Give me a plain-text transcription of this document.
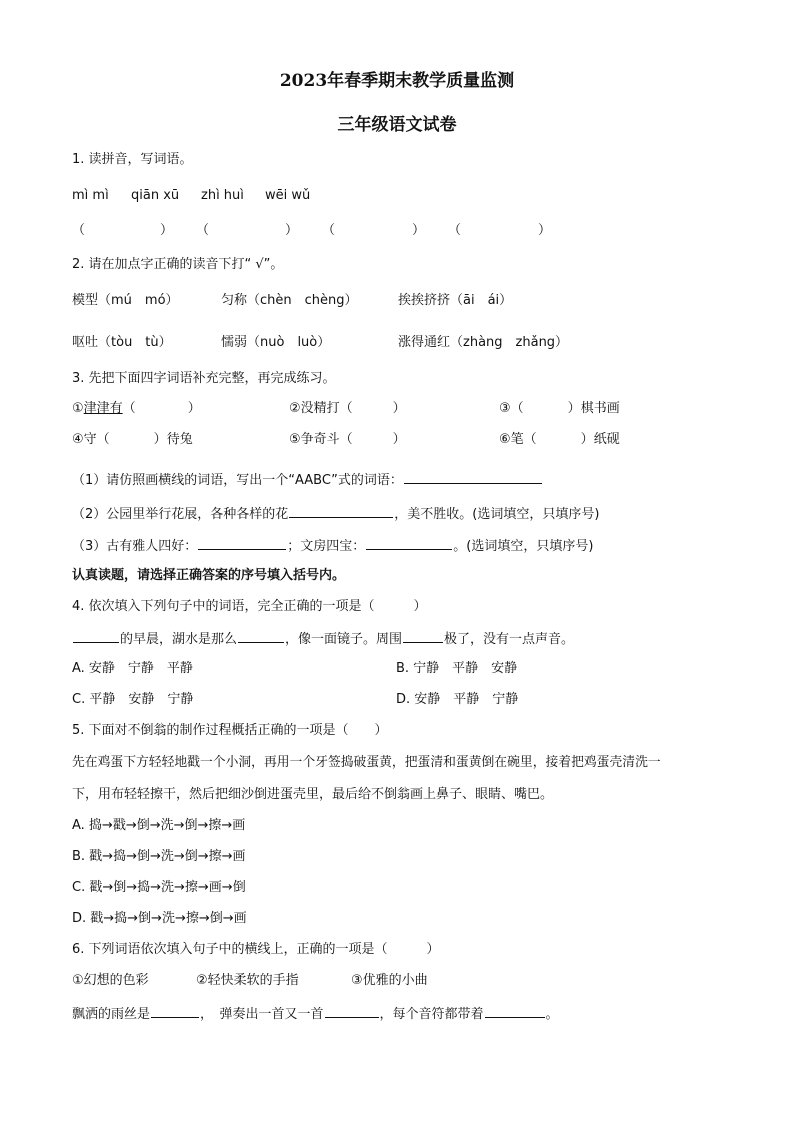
2023年春季期末教学质量监测
三年级语文试卷
1. 读拼音，写词语。
mì mì qiān xū zhì huì wēi wǔ
（	） （	） （	） （	）
2. 请在加点字正确的读音下打“ √”。
模型（mú　mó）	匀称（chèn　chèng）	挨挨挤挤（āi　ái）
呕吐（tòu　tù）	懦弱（nuò　luò）	涨得通红（zhàng　zhǎng）
3. 先把下面四字词语补充完整，再完成练习。
①津津有（	）	②没精打（	）	③（	）棋书画
④守（	）待兔	⑤争奇斗（	）	⑥笔（	）纸砚
（1）请仿照画横线的词语，写出一个“AABC”式的词语：
（2）公园里举行花展，各种各样的花	，美不胜收。(选词填空，只填序号)
（3）古有雅人四好：	；文房四宝：	。(选词填空，只填序号)
认真读题，请选择正确答案的序号填入括号内。
4. 依次填入下列句子中的词语，完全正确的一项是（　　　）
的早晨，湖水是那么	，像一面镜子。周围	极了，没有一点声音。
A. 安静　宁静　平静	B. 宁静　平静　安静
C. 平静　安静　宁静	D. 安静　平静　宁静
5. 下面对不倒翁的制作过程概括正确的一项是（　　）
先在鸡蛋下方轻轻地戳一个小洞，再用一个牙签捣破蛋黄，把蛋清和蛋黄倒在碗里，接着把鸡蛋壳清洗一
下，用布轻轻擦干，然后把细沙倒进蛋壳里，最后给不倒翁画上鼻子、眼睛、嘴巴。
A. 捣→戳→倒→洗→倒→擦→画
B. 戳→捣→倒→洗→倒→擦→画
C. 戳→倒→捣→洗→擦→画→倒
D. 戳→捣→倒→洗→擦→倒→画
6. 下列词语依次填入句子中的横线上，正确的一项是（　　　）
①幻想的色彩	②轻快柔软的手指	③优雅的小曲
飘洒的雨丝是	，　弹奏出一首又一首	，每个音符都带着	。
